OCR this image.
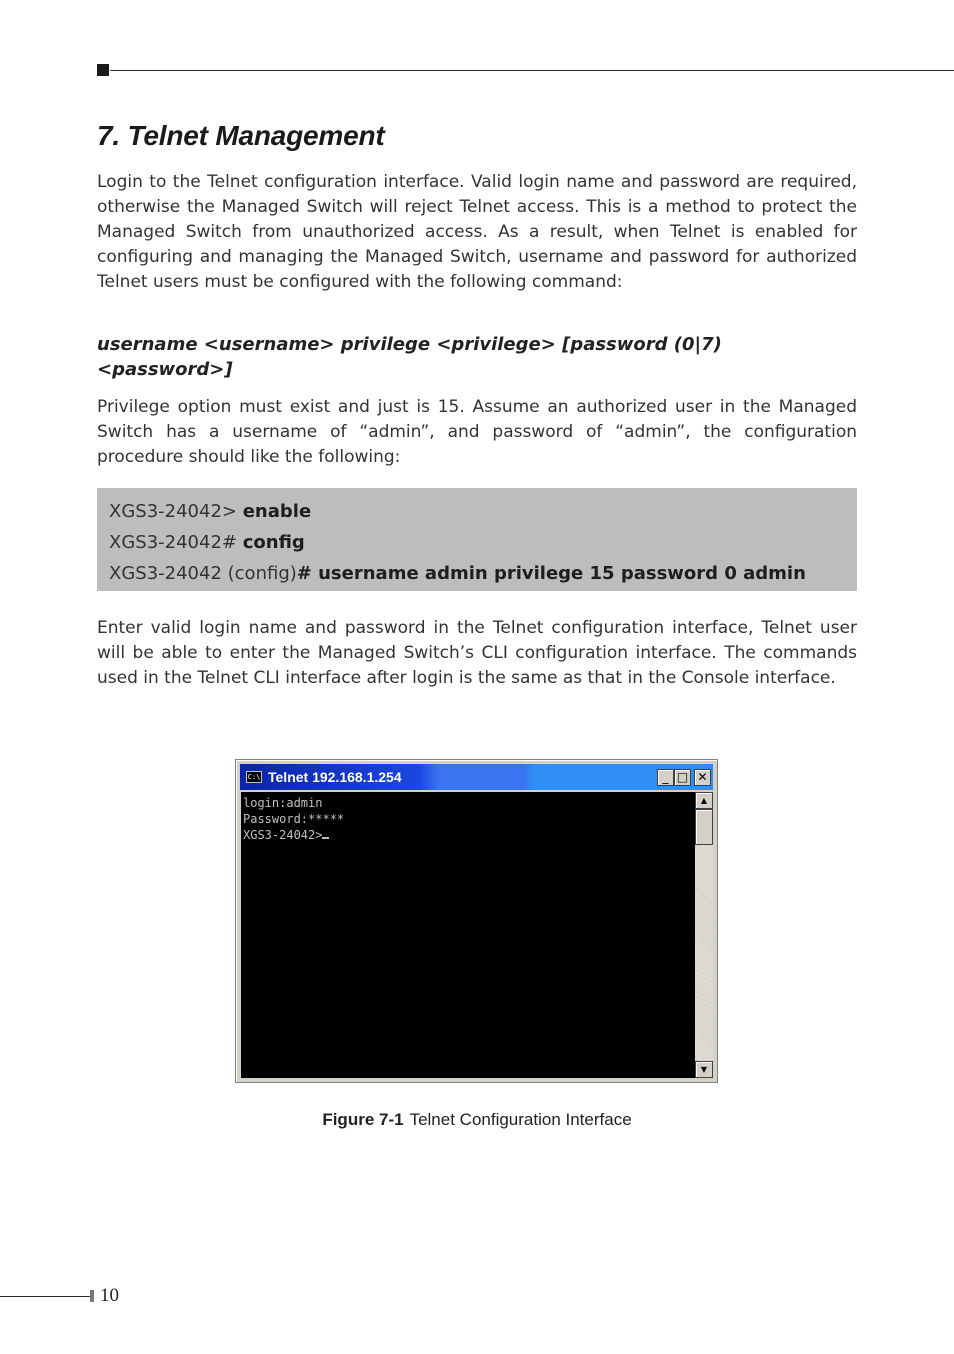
7. Telnet Management

Login to the Telnet configuration interface. Valid login name and password are required, otherwise the Managed Switch will reject Telnet access. This is a method to protect the Managed Switch from unauthorized access. As a result, when Telnet is enabled for configuring and managing the Managed Switch, username and password for authorized Telnet users must be configured with the following command:

username <username> privilege <privilege> [password (0|7) <password>]

Privilege option must exist and just is 15. Assume an authorized user in the Managed Switch has a username of “admin”, and password of “admin”, the configuration procedure should like the following:

XGS3-24042> enable
XGS3-24042# config
XGS3-24042 (config)# username admin privilege 15 password 0 admin

Enter valid login name and password in the Telnet configuration interface, Telnet user will be able to enter the Managed Switch’s CLI configuration interface. The commands used in the Telnet CLI interface after login is the same as that in the Console interface.

C:\ Telnet 192.168.1.254	_ □ ✕
login:admin
Password:*****
XGS3-24042>
▲
▼
Figure 7-1 Telnet Configuration Interface
10
